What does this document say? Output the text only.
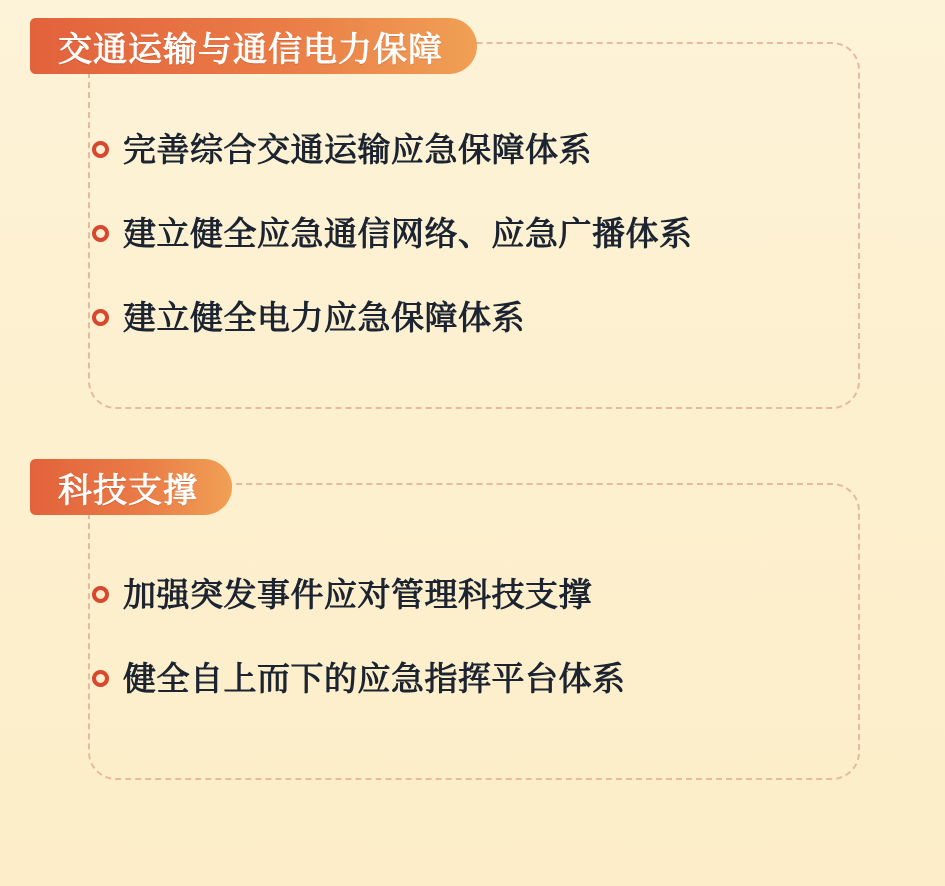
交通运输与通信电力保障
完善综合交通运输应急保障体系
建立健全应急通信网络、应急广播体系
建立健全电力应急保障体系
科技支撑
加强突发事件应对管理科技支撑
健全自上而下的应急指挥平台体系
